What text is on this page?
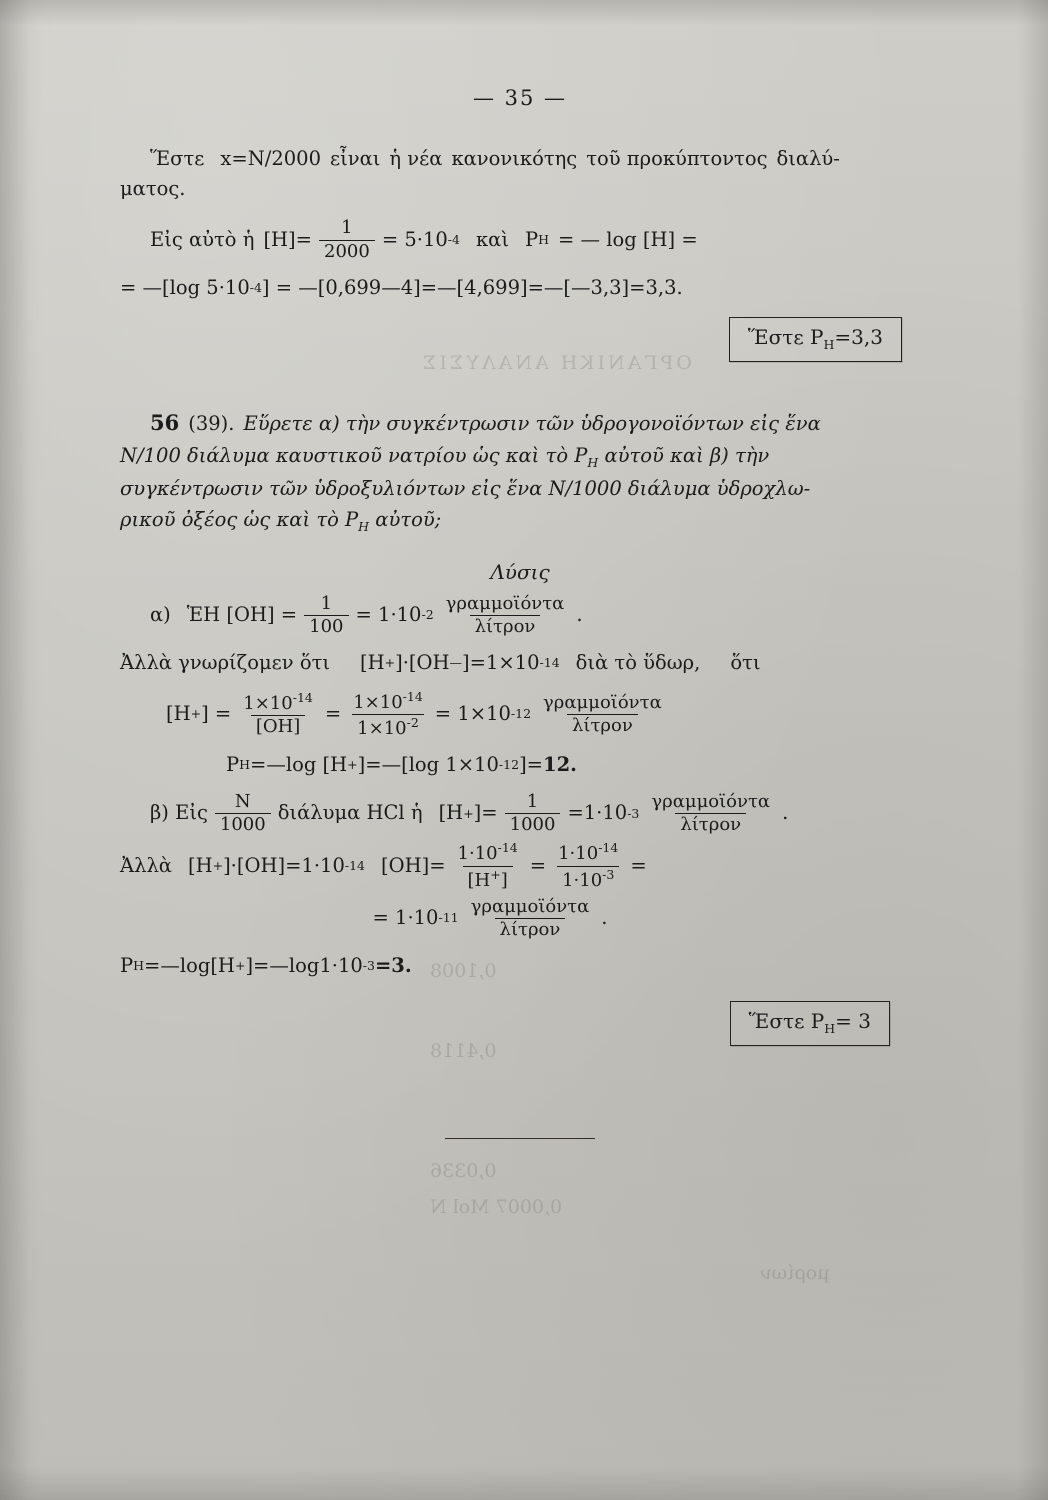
ΟΡΓΑΝΙΚΗ ΑΝΑΛΥΣΙΣ
0,1008
0,4118
0,0336
0,0007 Mol N
μορίων
— 35 —
Ἕστε x=N/2000 εἶναι ἡ νέα κανονικότης τοῦ προκύπτοντος διαλύ-
ματος.
Εἰς αὐτὸ ἡ $[H]= \frac{1}{2000} = 5\cdot 10$ -4 καὶ P H = — log [H] =
= —[log 5·10 -4 ] = —[0,699—4]=—[4,699]=—[—3,3]=3,3.
Ἕστε $P_H=3,3$
56 (39). Εὕρετε α) τὴν συγκέντρωσιν τῶν ὑδρογονοϊόντων εἰς ἕνα
N/100 διάλυμα καυστικοῦ νατρίου ὡς καὶ τὸ $P_H$ αὐτοῦ καὶ β) τὴν
συγκέντρωσιν τῶν ὑδροξυλιόντων εἰς ἕνα N/1000 διάλυμα ὑδροχλω-
ρικοῦ ὀξέος ὡς καὶ τὸ $P_H$ αὐτοῦ;
Λύσις
α) ἙH $[OH] = \frac{1}{100} = 1\cdot 10$ $-2 \frac{\text{γραμμοϊόντα}}{\text{λίτρον}}$ .
Ἀλλὰ γνωρίζομεν ὅτι [H + ]·[OH — ]=1×10 -14 διὰ τὸ ὕδωρ, ὅτι
[H + ] = $\frac{1\times 10^{-14}}{[OH]} = \frac{1\times 10^{-14}}{1\times 10^{-2}} = 1\times 10$ $-12 \frac{\text{γραμμοϊόντα}}{\text{λίτρον}}$
P H =—log [H + ]=—[log 1×10 -12 ]= 12.
β) Εἰς $\frac{N}{1000}$ διάλυμα HCl ἡ [H + ]= $\frac{1}{1000} =1\cdot 10$ $-3 \frac{\text{γραμμοϊόντα}}{\text{λίτρον}}$ .
Ἀλλὰ [H + ]·[OH]=1·10 -14 $[OH]= \frac{1\cdot 10^{-14}}{[H^+]} = \frac{1\cdot 10^{-14}}{1\cdot 10^{-3}}$ =
= 1·10 $-11 \frac{\text{γραμμοϊόντα}}{\text{λίτρον}}$ .
P H =—log[H + ]=—log1·10 -3 = 3.
Ἕστε $P_H= 3$
